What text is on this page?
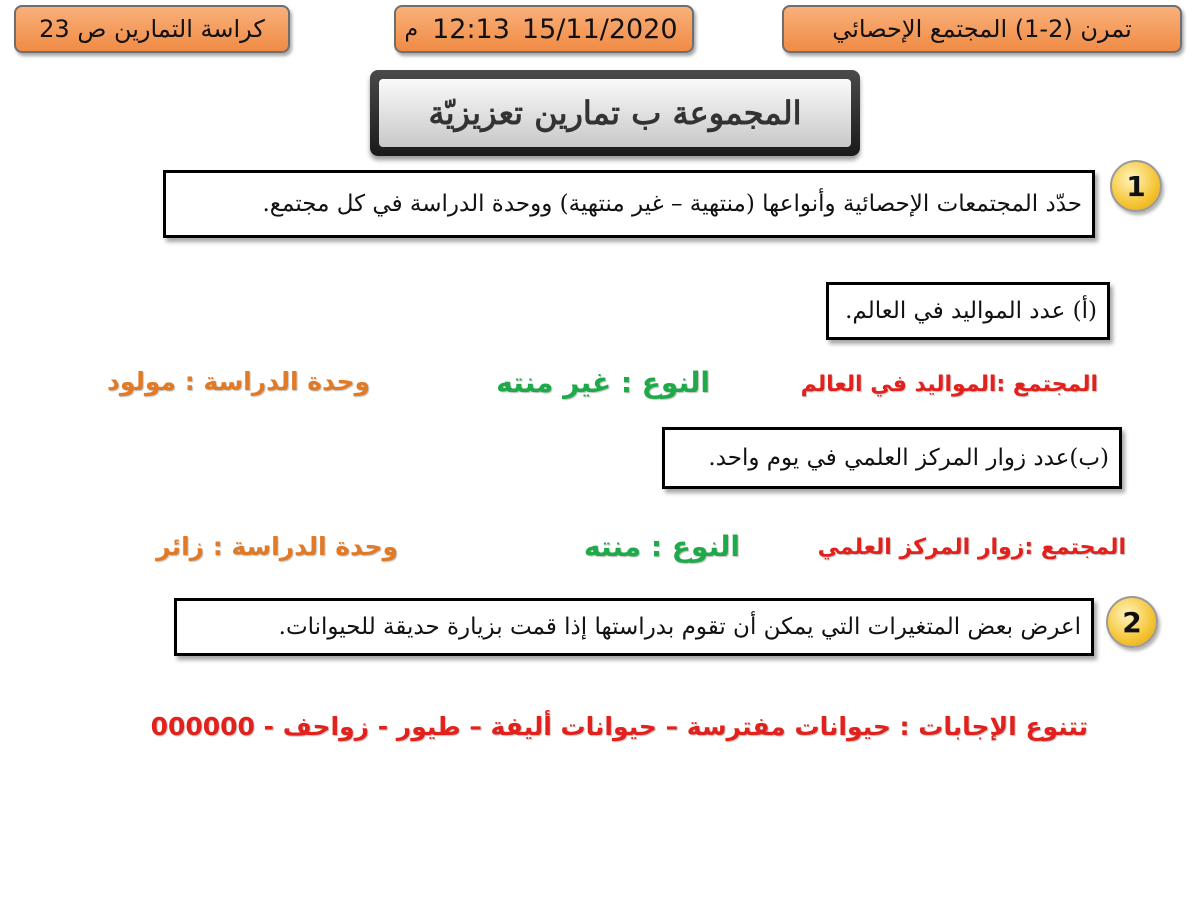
تمرن (2-1) المجتمع الإحصائي
15/11/2020
12:13
م
كراسة التمارين ص 23
المجموعة ب تمارين تعزيزيّة
1
حدّد المجتمعات الإحصائية وأنواعها (منتهية – غير منتهية) ووحدة الدراسة في كل مجتمع.
(أ) عدد المواليد في العالم.
المجتمع :المواليد في العالم
النوع : غير منته
وحدة الدراسة : مولود
(ب)عدد زوار المركز العلمي في يوم واحد.
المجتمع :زوار المركز العلمي
النوع : منته
وحدة الدراسة : زائر
2
اعرض بعض المتغيرات التي يمكن أن تقوم بدراستها إذا قمت بزيارة حديقة للحيوانات.
تتنوع الإجابات : حيوانات مفترسة – حيوانات أليفة – طيور - زواحف - 000000
